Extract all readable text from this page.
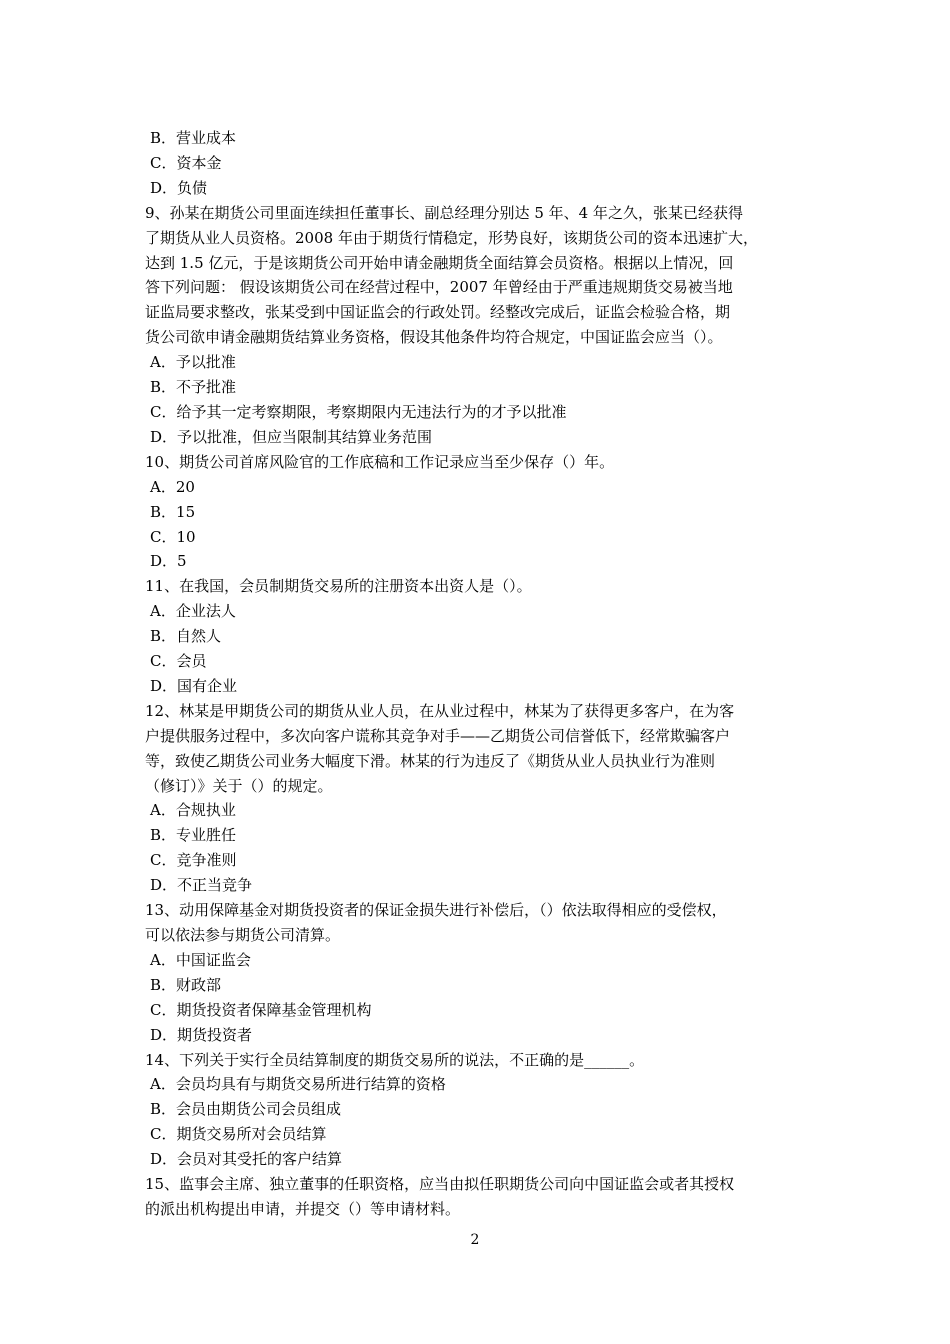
B．营业成本
C．资本金
D．负债
9、孙某在期货公司里面连续担任董事长、副总经理分别达 5 年、4 年之久，张某已经获得
了期货从业人员资格。2008 年由于期货行情稳定，形势良好，该期货公司的资本迅速扩大，
达到 1.5 亿元，于是该期货公司开始申请金融期货全面结算会员资格。根据以上情况，回
答下列问题： 假设该期货公司在经营过程中，2007 年曾经由于严重违规期货交易被当地
证监局要求整改，张某受到中国证监会的行政处罚。经整改完成后，证监会检验合格，期
货公司欲申请金融期货结算业务资格，假设其他条件均符合规定，中国证监会应当（）。
A．予以批准
B．不予批准
C．给予其一定考察期限，考察期限内无违法行为的才予以批准
D．予以批准，但应当限制其结算业务范围
10、期货公司首席风险官的工作底稿和工作记录应当至少保存（）年。
A．20
B．15
C．10
D．5
11、在我国，会员制期货交易所的注册资本出资人是（）。
A．企业法人
B．自然人
C．会员
D．国有企业
12、林某是甲期货公司的期货从业人员，在从业过程中，林某为了获得更多客户，在为客
户提供服务过程中，多次向客户谎称其竞争对手——乙期货公司信誉低下，经常欺骗客户
等，致使乙期货公司业务大幅度下滑。林某的行为违反了《期货从业人员执业行为准则
（修订）》关于（）的规定。
A．合规执业
B．专业胜任
C．竞争准则
D．不正当竞争
13、动用保障基金对期货投资者的保证金损失进行补偿后，（）依法取得相应的受偿权，
可以依法参与期货公司清算。
A．中国证监会
B．财政部
C．期货投资者保障基金管理机构
D．期货投资者
14、下列关于实行全员结算制度的期货交易所的说法，不正确的是______。
A．会员均具有与期货交易所进行结算的资格
B．会员由期货公司会员组成
C．期货交易所对会员结算
D．会员对其受托的客户结算
15、监事会主席、独立董事的任职资格，应当由拟任职期货公司向中国证监会或者其授权
的派出机构提出申请，并提交（）等申请材料。
2
